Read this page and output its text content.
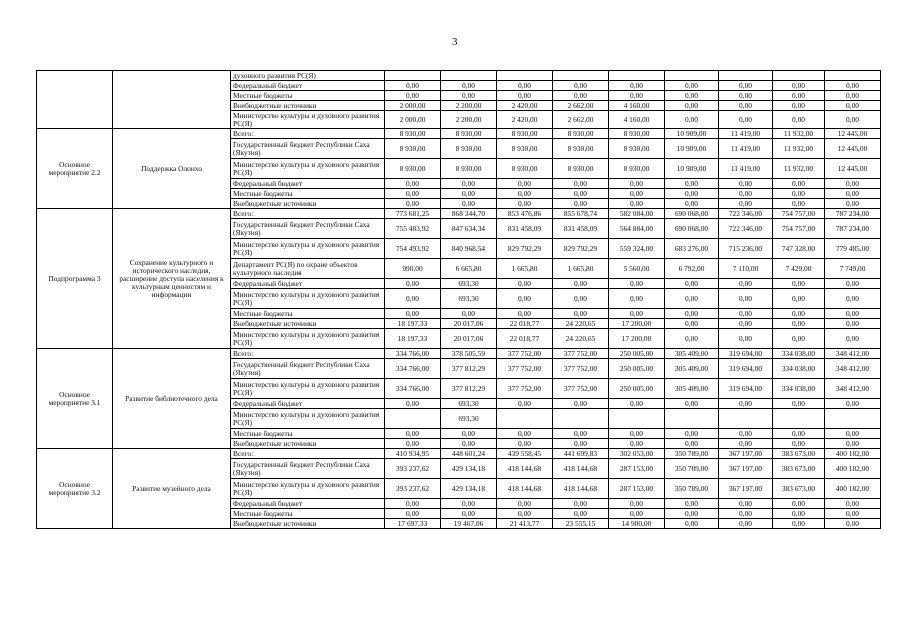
3
		духовного развития РС(Я)									
		Федеральный бюджет	0,00	0,00	0,00	0,00	0,00	0,00	0,00	0,00	0,00
		Местные бюджеты	0,00	0,00	0,00	0,00	0,00	0,00	0,00	0,00	0,00
		Внебюджетные источники	2 000,00	2 200,00	2 420,00	2 662,00	4 160,00	0,00	0,00	0,00	0,00
		Министерство культуры и духовного развития РС(Я)	2 000,00	2 200,00	2 420,00	2 662,00	4 160,00	0,00	0,00	0,00	0,00
Основное мероприятие 2.2	Поддержка Олонхо	Всего:	8 930,00	8 930,00	8 930,00	8 930,00	8 930,00	10 909,00	11 419,00	11 932,00	12 445,00
		Государственный бюджет Республики Саха (Якутия)	8 930,00	8 930,00	8 930,00	8 930,00	8 930,00	10 909,00	11 419,00	11 932,00	12 445,00
		Министерство культуры и духовного развития РС(Я)	8 930,00	8 930,00	8 930,00	8 930,00	8 930,00	10 909,00	11 419,00	11 932,00	12 445,00
		Федеральный бюджет	0,00	0,00	0,00	0,00	0,00	0,00	0,00	0,00	0,00
		Местные бюджеты	0,00	0,00	0,00	0,00	0,00	0,00	0,00	0,00	0,00
		Внебюджетные источники	0,00	0,00	0,00	0,00	0,00	0,00	0,00	0,00	0,00
Подпрограмма 3	Сохранение культурного и исторического наследия, расширение доступа населения к культурным ценностям и информации	Всего:	773 681,25	868 344,70	853 476,86	855 678,74	582 084,00	690 068,00	722 346,00	754 757,00	787 234,00
		Государственный бюджет Республики Саха (Якутия)	755 483,92	847 634,34	831 458,09	831 458,09	564 884,00	690 068,00	722 346,00	754 757,00	787 234,00
		Министерство культуры и духовного развития РС(Я)	754 493,92	840 968,54	829 792,29	829 792,29	559 324,00	683 276,00	715 236,00	747 328,00	779 485,00
		Департамент РС(Я) по охране объектов культурного наследия	990,00	6 665,80	1 665,80	1 665,80	5 560,00	6 792,00	7 110,00	7 429,00	7 749,00
		Федеральный бюджет	0,00	693,30	0,00	0,00	0,00	0,00	0,00	0,00	0,00
		Министерство культуры и духовного развития РС(Я)	0,00	693,30	0,00	0,00	0,00	0,00	0,00	0,00	0,00
		Местные бюджеты	0,00	0,00	0,00	0,00	0,00	0,00	0,00	0,00	0,00
		Внебюджетные источники	18 197,33	20 017,06	22 018,77	24 220,65	17 200,00	0,00	0,00	0,00	0,00
		Министерство культуры и духовного развития РС(Я)	18 197,33	20 017,06	22 018,77	24 220,65	17 200,00	0,00	0,00	0,00	0,00
Основное мероприятие 3.1	Развитие библиотечного дела	Всего:	334 766,00	378 505,59	377 752,00	377 752,00	250 005,00	305 409,00	319 694,00	334 038,00	348 412,00
		Государственный бюджет Республики Саха (Якутия)	334 766,00	377 812,29	377 752,00	377 752,00	250 005,00	305 409,00	319 694,00	334 038,00	348 412,00
		Министерство культуры и духовного развития РС(Я)	334 766,00	377 812,29	377 752,00	377 752,00	250 005,00	305 409,00	319 694,00	334 038,00	348 412,00
		Федеральный бюджет	0,00	693,30	0,00	0,00	0,00	0,00	0,00	0,00	0,00
		Министерство культуры и духовного развития РС(Я)		693,30							
		Местные бюджеты	0,00	0,00	0,00	0,00	0,00	0,00	0,00	0,00	0,00
		Внебюджетные источники	0,00	0,00	0,00	0,00	0,00	0,00	0,00	0,00	0,00
Основное мероприятие 3.2	Развитие музейного дела	Всего:	410 934,95	448 601,24	439 558,45	441 699,83	302 053,00	350 789,00	367 197,00	383 673,00	400 182,00
		Государственный бюджет Республики Саха (Якутия)	393 237,62	429 134,18	418 144,68	418 144,68	287 153,00	350 789,00	367 197,00	383 673,00	400 182,00
		Министерство культуры и духовного развития РС(Я)	393 237,62	429 134,18	418 144,68	418 144,68	287 153,00	350 789,00	367 197,00	383 673,00	400 182,00
		Федеральный бюджет	0,00	0,00	0,00	0,00	0,00	0,00	0,00	0,00	0,00
		Местные бюджеты	0,00	0,00	0,00	0,00	0,00	0,00	0,00	0,00	0,00
		Внебюджетные источники	17 697,33	19 467,06	21 413,77	23 555,15	14 900,00	0,00	0,00	0,00	0,00
